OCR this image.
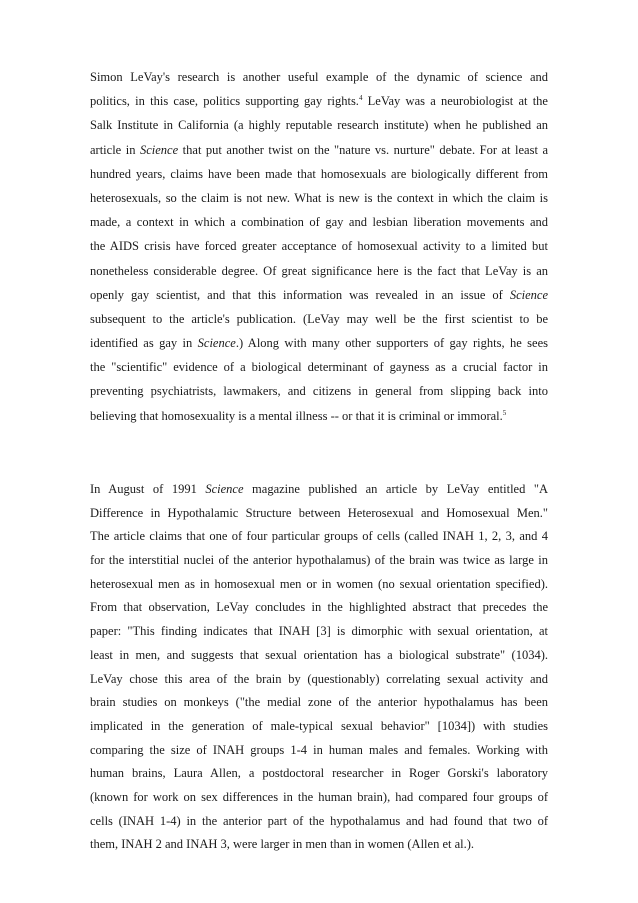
Simon LeVay's research is another useful example of the dynamic of science and
politics, in this case, politics supporting gay rights.$^4$ LeVay was a neurobiologist at the
Salk Institute in California (a highly reputable research institute) when he published an
article in Science that put another twist on the "nature vs. nurture" debate. For at least a
hundred years, claims have been made that homosexuals are biologically different from
heterosexuals, so the claim is not new. What is new is the context in which the claim is
made, a context in which a combination of gay and lesbian liberation movements and
the AIDS crisis have forced greater acceptance of homosexual activity to a limited but
nonetheless considerable degree. Of great significance here is the fact that LeVay is an
openly gay scientist, and that this information was revealed in an issue of Science
subsequent to the article's publication. (LeVay may well be the first scientist to be
identified as gay in Science.) Along with many other supporters of gay rights, he sees
the "scientific" evidence of a biological determinant of gayness as a crucial factor in
preventing psychiatrists, lawmakers, and citizens in general from slipping back into
believing that homosexuality is a mental illness -- or that it is criminal or immoral.$^5$

In August of 1991 Science magazine published an article by LeVay entitled "A
Difference in Hypothalamic Structure between Heterosexual and Homosexual Men."
The article claims that one of four particular groups of cells (called INAH 1, 2, 3, and 4
for the interstitial nuclei of the anterior hypothalamus) of the brain was twice as large in
heterosexual men as in homosexual men or in women (no sexual orientation specified).
From that observation, LeVay concludes in the highlighted abstract that precedes the
paper: "This finding indicates that INAH [3] is dimorphic with sexual orientation, at
least in men, and suggests that sexual orientation has a biological substrate" (1034).
LeVay chose this area of the brain by (questionably) correlating sexual activity and
brain studies on monkeys ("the medial zone of the anterior hypothalamus has been
implicated in the generation of male-typical sexual behavior" [1034]) with studies
comparing the size of INAH groups 1-4 in human males and females. Working with
human brains, Laura Allen, a postdoctoral researcher in Roger Gorski's laboratory
(known for work on sex differences in the human brain), had compared four groups of
cells (INAH 1-4) in the anterior part of the hypothalamus and had found that two of
them, INAH 2 and INAH 3, were larger in men than in women (Allen et al.).
